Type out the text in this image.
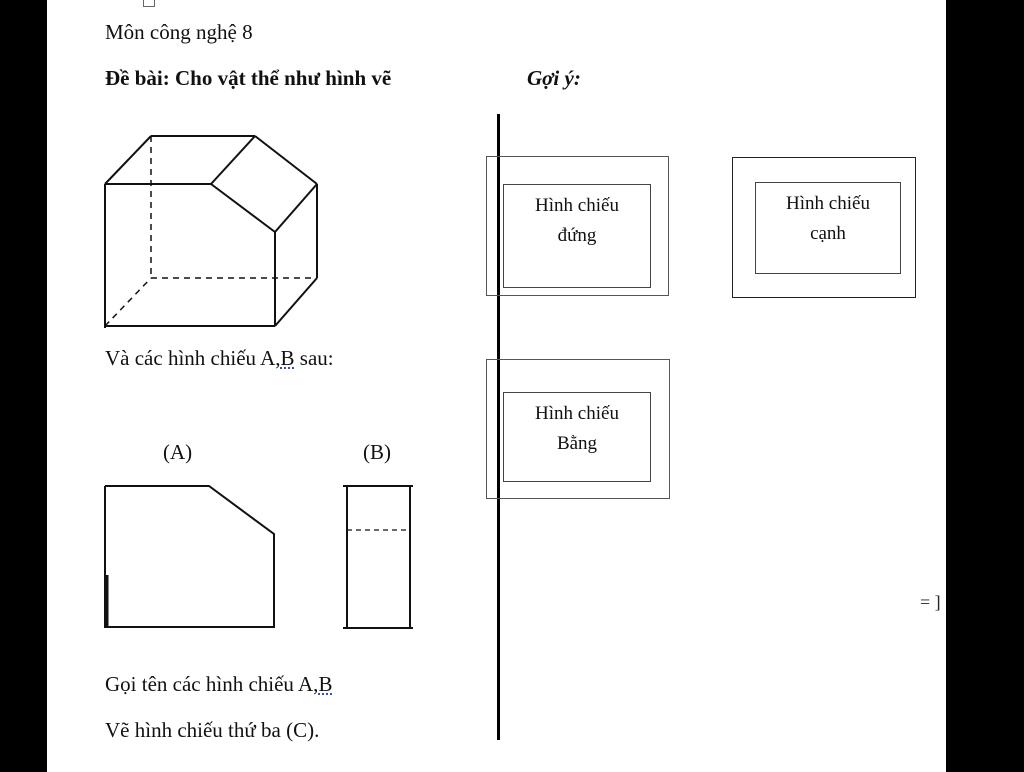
Môn công nghệ 8
Đề bài: Cho vật thể như hình vẽ	Gợi ý:
Và các hình chiếu A,B sau:
(A)	(B)
Gọi tên các hình chiếu A,B
Vẽ hình chiếu thứ ba (C).
Hình chiếu
đứng
Hình chiếu
cạnh
Hình chiếu
Bằng
= ]
